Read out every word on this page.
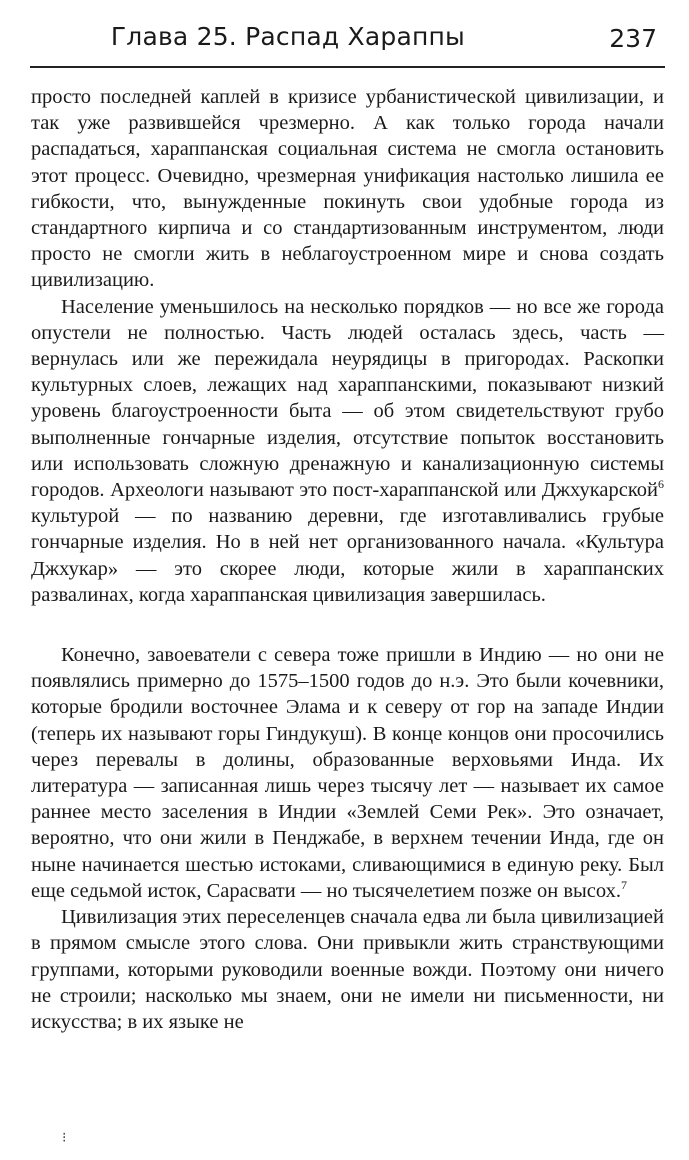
Глава 25. Распад Хараппы	237

просто последней каплей в кризисе урбанистической цивилизации, и так уже развившейся чрезмерно. А как только города начали распадаться, хараппанская социальная система не смогла остановить этот процесс. Очевидно, чрезмерная унификация настолько лишила ее гибкости, что, вынужденные покинуть свои удобные города из стандартного кирпича и со стандартизованным инструментом, люди просто не смогли жить в неблагоустроенном мире и снова создать цивилизацию.

Население уменьшилось на несколько порядков — но все же города опустели не полностью. Часть людей осталась здесь, часть — вернулась или же пережидала неурядицы в пригородах. Раскопки культурных слоев, лежащих над хараппанскими, показывают низкий уровень благоустроенности быта — об этом свидетельствуют грубо выполненные гончарные изделия, отсутствие попыток восстановить или использовать сложную дренажную и канализационную системы городов. Археологи называют это пост-хараппанской или Джхукарской$^6$ культурой — по названию деревни, где изготавливались грубые гончарные изделия. Но в ней нет организованного начала. «Культура Джхукар» — это скорее люди, которые жили в хараппанских развалинах, когда хараппанская цивилизация завершилась.

Конечно, завоеватели с севера тоже пришли в Индию — но они не появлялись примерно до 1575–1500 годов до н.э. Это были кочевники, которые бродили восточнее Элама и к северу от гор на западе Индии (теперь их называют горы Гиндукуш). В конце концов они просочились через перевалы в долины, образованные верховьями Инда. Их литература — записанная лишь через тысячу лет — называет их самое раннее место заселения в Индии «Землей Семи Рек». Это означает, вероятно, что они жили в Пенджабе, в верхнем течении Инда, где он ныне начинается шестью истоками, сливающимися в единую реку. Был еще седьмой исток, Сарасвати — но тысячелетием позже он высох.$^7$

Цивилизация этих переселенцев сначала едва ли была цивилизацией в прямом смысле этого слова. Они привыкли жить странствующими группами, которыми руководили военные вожди. Поэтому они ничего не строили; насколько мы знаем, они не имели ни письменности, ни искусства; в их языке не

⁝
